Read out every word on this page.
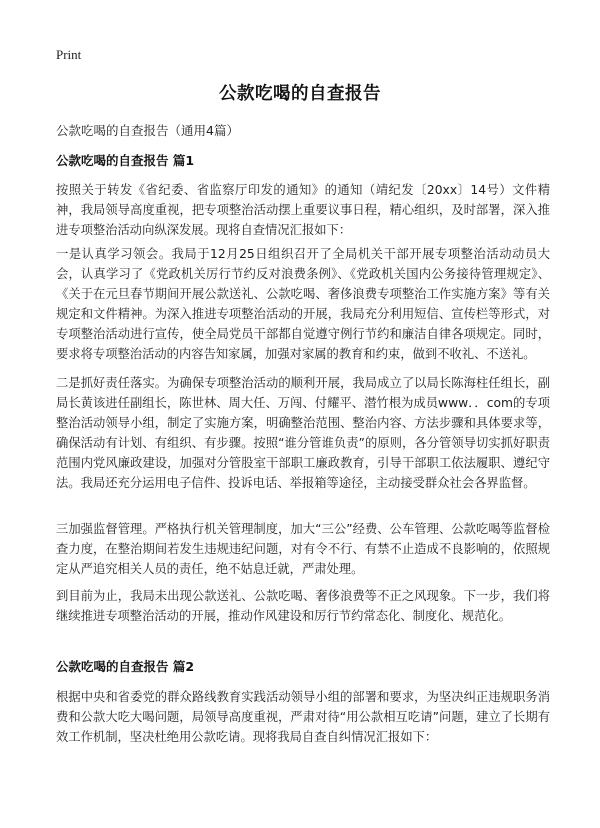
Print
公款吃喝的自查报告
公款吃喝的自查报告（通用4篇）
公款吃喝的自查报告 篇1
按照关于转发《省纪委、省监察厅印发的通知》的通知（靖纪发〔20xx〕14号）文件精神，我局领导高度重视，把专项整治活动摆上重要议事日程，精心组织，及时部署，深入推进专项整治活动向纵深发展。现将自查情况汇报如下：
一是认真学习领会。我局于12月25日组织召开了全局机关干部开展专项整治活动动员大会，认真学习了《党政机关厉行节约反对浪费条例》、《党政机关国内公务接待管理规定》、《关于在元旦春节期间开展公款送礼、公款吃喝、奢侈浪费专项整治工作实施方案》等有关规定和文件精神。为深入推进专项整治活动的开展，我局充分利用短信、宣传栏等形式，对专项整治活动进行宣传，使全局党员干部都自觉遵守例行节约和廉洁自律各项规定。同时，要求将专项整治活动的内容告知家属，加强对家属的教育和约束，做到不收礼、不送礼。
二是抓好责任落实。为确保专项整治活动的顺利开展，我局成立了以局长陈海柱任组长，副局长黄该进任副组长，陈世林、周大任、万闯、付耀平、潜竹根为成员www．．com的专项整治活动领导小组，制定了实施方案，明确整治范围、整治内容、方法步骤和具体要求等，确保活动有计划、有组织、有步骤。按照“谁分管谁负责”的原则，各分管领导切实抓好职责范围内党风廉政建设，加强对分管股室干部职工廉政教育，引导干部职工依法履职、遵纪守法。我局还充分运用电子信件、投诉电话、举报箱等途径，主动接受群众社会各界监督。
三加强监督管理。严格执行机关管理制度，加大“三公”经费、公车管理、公款吃喝等监督检查力度，在整治期间若发生违规违纪问题，对有令不行、有禁不止造成不良影响的，依照规定从严追究相关人员的责任，绝不姑息迁就，严肃处理。
到目前为止，我局未出现公款送礼、公款吃喝、奢侈浪费等不正之风现象。下一步，我们将继续推进专项整治活动的开展，推动作风建设和厉行节约常态化、制度化、规范化。
公款吃喝的自查报告 篇2
根据中央和省委党的群众路线教育实践活动领导小组的部署和要求，为坚决纠正违规职务消费和公款大吃大喝问题，局领导高度重视，严肃对待“用公款相互吃请”问题，建立了长期有效工作机制，坚决杜绝用公款吃请。现将我局自查自纠情况汇报如下：
